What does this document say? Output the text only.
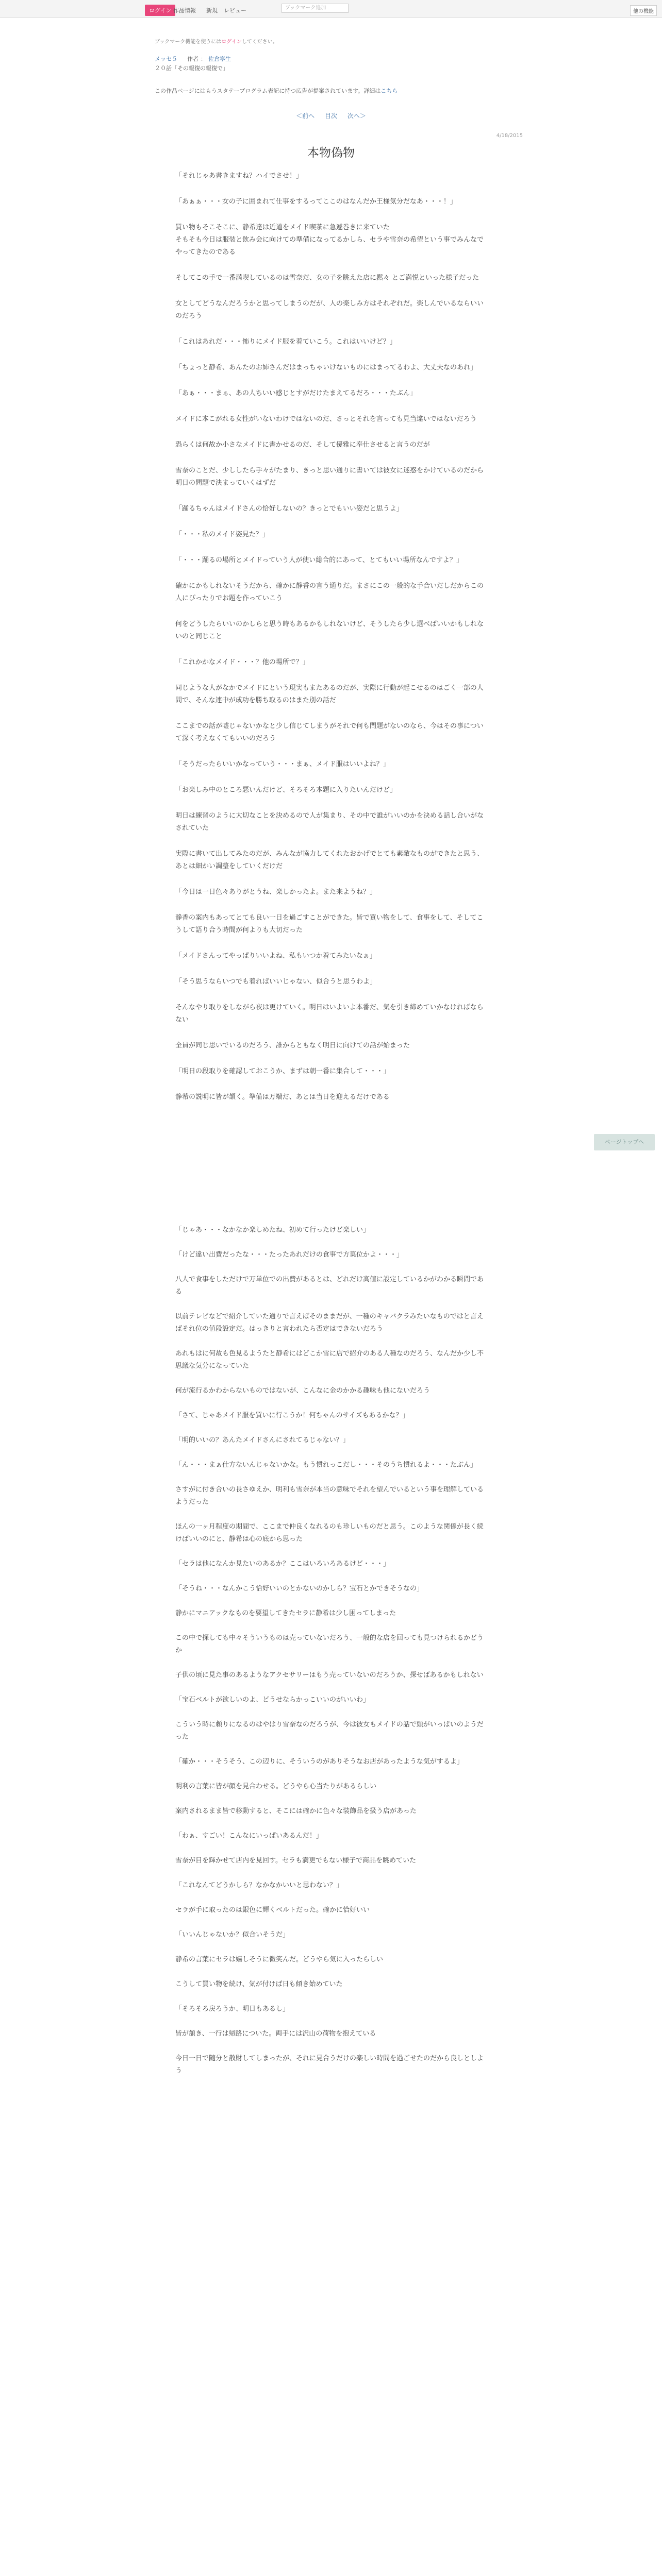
ログイン 作品情報 新規 レビュー	ブックマーク追加
他の機能
ブックマーク機能を使うにはログインしてください。
メッセ５　 作者 ： 佐倉寧生
２０話「その報復の報復で」
この作品ページにはもうスタテープログラム表記に持つ広告が提案されています。詳細はこちら
＜前へ 目次 次へ＞
4/18/2015
本物偽物

「それじゃあ書きますね？ハイでさせ！」

「あぁぁ・・・女の子に囲まれて仕事をするってここのはなんだか王様気分だなあ・・・！」

買い物もそこそこに、静希達は近道をメイド喫茶に急遽巻きに来ていた
そもそも今日は服装と飲み会に向けての準備になってるかしら、セラや雪奈の希望という事でみんなでやってきたのである

そしてこの手で一番満喫しているのは雪奈だ、女の子を眺えた店に黙々 とご満悦といった様子だった

女としてどうなんだろうかと思ってしまうのだが、人の楽しみ方はそれぞれだ。楽しんでいるならいいのだろう

「これはあれだ・・・怖りにメイド服を着ていこう。これはいいけど？」

「ちょっと静希、あんたのお姉さんだはまっちゃいけないものにはまってるわよ、大丈夫なのあれ」

「あぁ・・・まぁ、あの人ちいい感じとすがだけたまえてるだろ・・・たぶん」

メイドに本こがれる女性がいないわけではないのだ、さっとそれを言っても見当違いではないだろう

恐らくは何故か小さなメイドに書かせるのだ、そして優雅に奉仕させると言うのだが

雪奈のことだ、少ししたら手々がたまり、きっと思い通りに書いては彼女に迷惑をかけているのだから明日の問題で決まっていくはずだ

「踊るちゃんはメイドさんの恰好しないの？きっとでもいい姿だと思うよ」

「・・・私のメイド姿見た？」

「・・・踊るの場所とメイドっていう人が使い総合的にあって、とてもいい場所なんですよ？」

確かにかもしれないそうだから、確かに静香の言う通りだ。まさにこの一般的な手合いだしだからこの人にぴったりでお題を作っていこう

何をどうしたらいいのかしらと思う時もあるかもしれないけど、そうしたら少し選べばいいかもしれないのと同じこと

「これかかなメイド・・・？他の場所で？」

同じような人がなかでメイドにという現実もまたあるのだが、実際に行動が起こせるのはごく一部の人間で、そんな連中が成功を勝ち取るのはまた別の話だ

ここまでの話が嘘じゃないかなと少し信じてしまうがそれで何も問題がないのなら、今はその事について深く考えなくてもいいのだろう

「そうだったらいいかなっていう・・・まぁ、メイド服はいいよね？」

「お楽しみ中のところ悪いんだけど、そろそろ本題に入りたいんだけど」

明日は練習のように大切なことを決めるので人が集まり、その中で誰がいいのかを決める話し合いがなされていた

実際に書いて出してみたのだが、みんなが協力してくれたおかげでとても素敵なものができたと思う、あとは細かい調整をしていくだけだ

「今日は一日色々ありがとうね、楽しかったよ。また来ようね？」

静香の案内もあってとても良い一日を過ごすことができた。皆で買い物をして、食事をして、そしてこうして語り合う時間が何よりも大切だった

「メイドさんってやっぱりいいよね、私もいつか着てみたいなぁ」

「そう思うならいつでも着ればいいじゃない、似合うと思うわよ」

そんなやり取りをしながら夜は更けていく。明日はいよいよ本番だ、気を引き締めていかなければならない

全員が同じ思いでいるのだろう、誰からともなく明日に向けての話が始まった

「明日の段取りを確認しておこうか、まずは朝一番に集合して・・・」

静希の説明に皆が頷く。準備は万端だ、あとは当日を迎えるだけである

ページトップへ

「じゃあ・・・なかなか楽しめたね、初めて行ったけど楽しい」

「けど違い出費だったな・・・たったあれだけの食事で方菓位かよ・・・」

八人で食事をしただけで万単位での出費があるとは、どれだけ高値に設定しているかがわかる瞬間である

以前テレビなどで紹介していた通りで言えばそのままだが、一種のキャバクラみたいなものではと言えばそれ位の値段設定だ。はっきりと言われたら否定はできないだろう

あれもはに何故も色見るようたと静希にはどこか雪に店で紹介のある人種なのだろう、なんだか少し不思議な気分になっていた

何が流行るかわからないものではないが、こんなに金のかかる趣味も他にないだろう

「さて、じゃあメイド服を買いに行こうか！何ちゃんのサイズもあるかな？」

「明的いいの？あんたメイドさんにされてるじゃない？」

「ん・・・まぁ仕方ないんじゃないかな。もう慣れっこだし・・・そのうち慣れるよ・・・たぶん」

さすがに付き合いの長さゆえか、明利も雪奈が本当の意味でそれを望んでいるという事を理解しているようだった

ほんの一ヶ月程度の期間で、ここまで仲良くなれるのも珍しいものだと思う。このような関係が長く続けばいいのにと、静希は心の底から思った

「セラは他になんか見たいのあるか？ここはいろいろあるけど・・・」

「そうね・・・なんかこう恰好いいのとかないのかしら？宝石とかできそうなの」

静かにマニアックなものを要望してきたセラに静希は少し困ってしまった

この中で探しても中々そういうものは売っていないだろう、一般的な店を回っても見つけられるかどうか

子供の頃に見た事のあるようなアクセサリーはもう売っていないのだろうか、探せばあるかもしれない

「宝石ベルトが欲しいのよ、どうせならかっこいいのがいいわ」

こういう時に頼りになるのはやはり雪奈なのだろうが、今は彼女もメイドの話で頭がいっぱいのようだった

「確か・・・そうそう、この辺りに、そういうのがありそうなお店があったような気がするよ」

明利の言葉に皆が顔を見合わせる。どうやら心当たりがあるらしい

案内されるまま皆で移動すると、そこには確かに色々な装飾品を扱う店があった

「わぁ、すごい！こんなにいっぱいあるんだ！」

雪奈が目を輝かせて店内を見回す。セラも満更でもない様子で商品を眺めていた

「これなんてどうかしら？なかなかいいと思わない？」

セラが手に取ったのは銀色に輝くベルトだった。確かに恰好いい

「いいんじゃないか？似合いそうだ」

静希の言葉にセラは嬉しそうに微笑んだ。どうやら気に入ったらしい

こうして買い物を続け、気が付けば日も傾き始めていた

「そろそろ戻ろうか、明日もあるし」

皆が頷き、一行は帰路についた。両手には沢山の荷物を抱えている

今日一日で随分と散財してしまったが、それに見合うだけの楽しい時間を過ごせたのだから良しとしよう
